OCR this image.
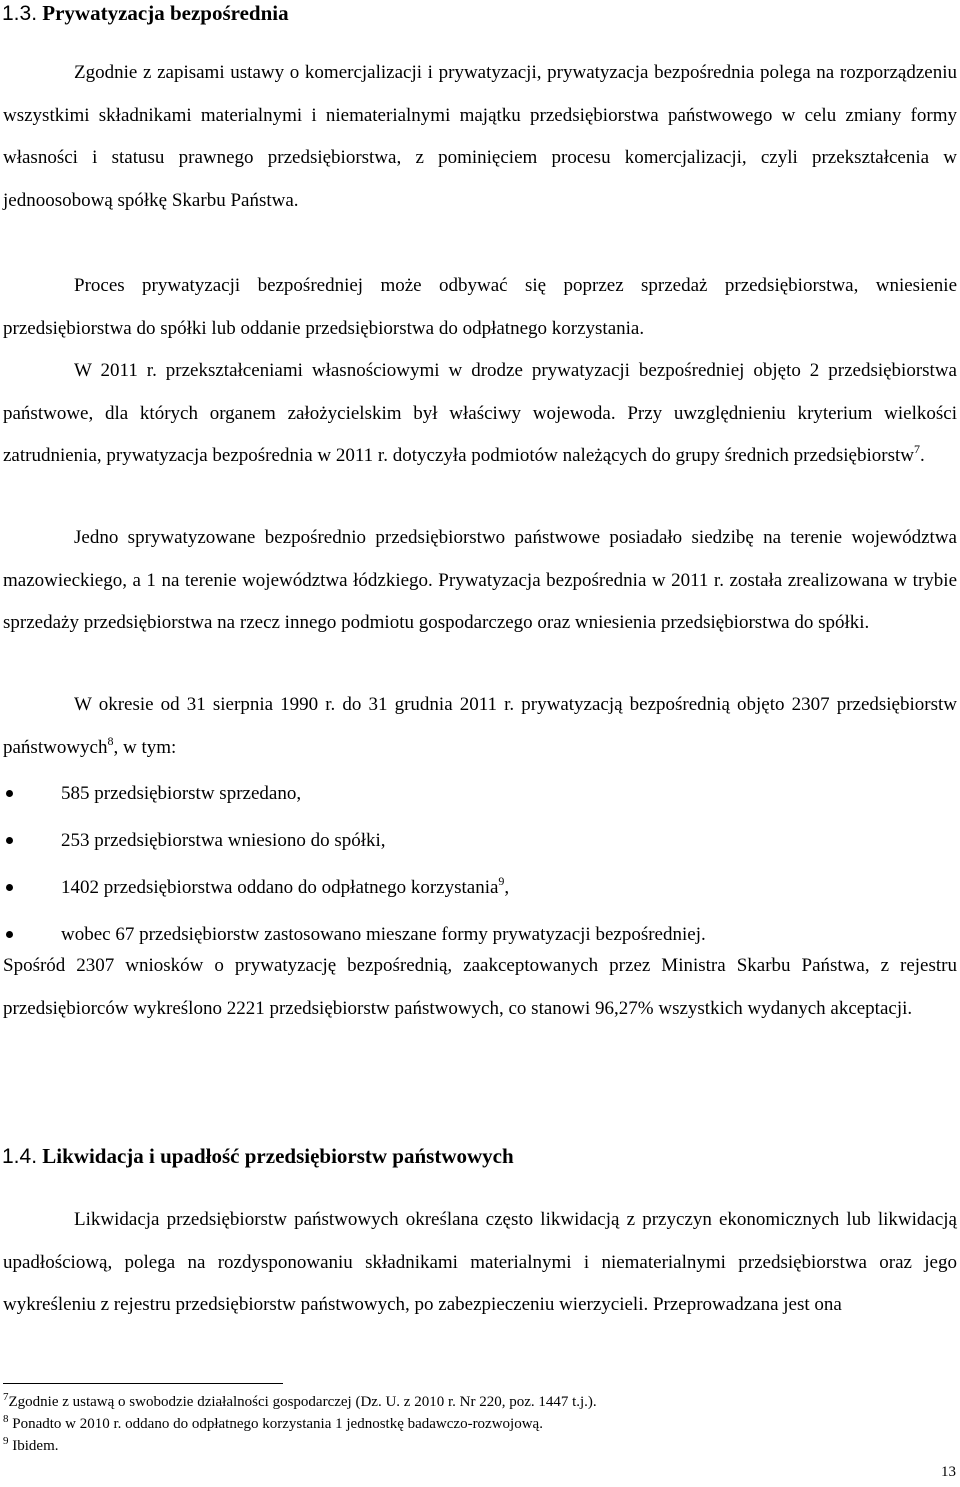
1.3. Prywatyzacja bezpośrednia

Zgodnie z zapisami ustawy o komercjalizacji i prywatyzacji, prywatyzacja bezpośrednia polega na rozporządzeniu wszystkimi składnikami materialnymi i niematerialnymi majątku przedsiębiorstwa państwowego w celu zmiany formy własności i statusu prawnego przedsiębiorstwa, z pominięciem procesu komercjalizacji, czyli przekształcenia w jednoosobową spółkę Skarbu Państwa.

Proces prywatyzacji bezpośredniej może odbywać się poprzez sprzedaż przedsiębiorstwa, wniesienie przedsiębiorstwa do spółki lub oddanie przedsiębiorstwa do odpłatnego korzystania.

W 2011 r. przekształceniami własnościowymi w drodze prywatyzacji bezpośredniej objęto 2 przedsiębiorstwa państwowe, dla których organem założycielskim był właściwy wojewoda. Przy uwzględnieniu kryterium wielkości zatrudnienia, prywatyzacja bezpośrednia w 2011 r. dotyczyła podmiotów należących do grupy średnich przedsiębiorstw$^7$.

Jedno sprywatyzowane bezpośrednio przedsiębiorstwo państwowe posiadało siedzibę na terenie województwa mazowieckiego, a 1 na terenie województwa łódzkiego. Prywatyzacja bezpośrednia w 2011 r. została zrealizowana w trybie sprzedaży przedsiębiorstwa na rzecz innego podmiotu gospodarczego oraz wniesienia przedsiębiorstwa do spółki.

W okresie od 31 sierpnia 1990 r. do 31 grudnia 2011 r. prywatyzacją bezpośrednią objęto 2307 przedsiębiorstw państwowych$^8$, w tym:

585 przedsiębiorstw sprzedano,
253 przedsiębiorstwa wniesiono do spółki,
1402 przedsiębiorstwa oddano do odpłatnego korzystania$^9$,
wobec 67 przedsiębiorstw zastosowano mieszane formy prywatyzacji bezpośredniej.

Spośród 2307 wniosków o prywatyzację bezpośrednią, zaakceptowanych przez Ministra Skarbu Państwa, z rejestru przedsiębiorców wykreślono 2221 przedsiębiorstw państwowych, co stanowi 96,27% wszystkich wydanych akceptacji.

1.4. Likwidacja i upadłość przedsiębiorstw państwowych

Likwidacja przedsiębiorstw państwowych określana często likwidacją z przyczyn ekonomicznych lub likwidacją upadłościową, polega na rozdysponowaniu składnikami materialnymi i niematerialnymi przedsiębiorstwa oraz jego wykreśleniu z rejestru przedsiębiorstw państwowych, po zabezpieczeniu wierzycieli. Przeprowadzana jest ona

$^7$Zgodnie z ustawą o swobodzie działalności gospodarczej (Dz. U. z 2010 r. Nr 220, poz. 1447 t.j.).
$^8$ Ponadto w 2010 r. oddano do odpłatnego korzystania 1 jednostkę badawczo-rozwojową.
$^9$ Ibidem.
13
